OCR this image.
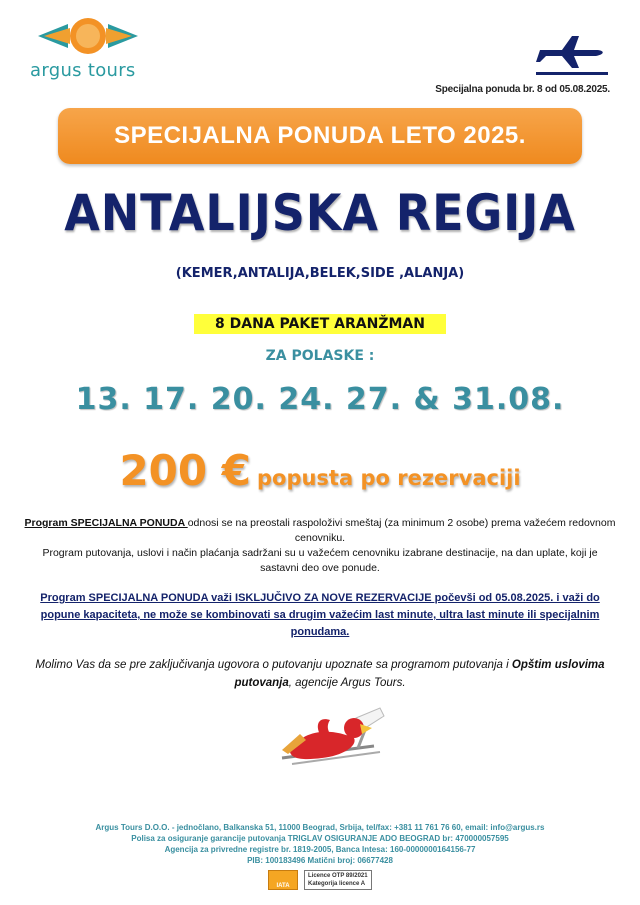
argus tours
Specijalna ponuda br. 8 od 05.08.2025.
SPECIJALNA PONUDA LETO 2025.
ANTALIJSKA REGIJA
(KEMER,ANTALIJA,BELEK,SIDE ,ALANJA)
8 DANA PAKET ARANŽMAN
ZA POLASKE :
13. 17. 20. 24. 27. & 31.08.
200 € popusta po rezervaciji
Program SPECIJALNA PONUDA odnosi se na preostali raspoloživi smeštaj (za minimum 2 osobe) prema važećem redovnom cenovniku.
Program putovanja, uslovi i način plaćanja sadržani su u važećem cenovniku izabrane destinacije, na dan uplate, koji je sastavni deo ove ponude.
Program SPECIJALNA PONUDA važi ISKLJUČIVO ZA NOVE REZERVACIJE počevši od 05.08.2025. i važi do popune kapaciteta, ne može se kombinovati sa drugim važećim last minute, ultra last minute ili specijalnim ponudama.
Molimo Vas da se pre zaključivanja ugovora o putovanju upoznate sa programom putovanja i Opštim uslovima putovanja, agencije Argus Tours.
Argus Tours D.O.O. - jednočlano, Balkanska 51, 11000 Beograd, Srbija, tel/fax: +381 11 761 76 60, email: info@argus.rs
Polisa za osiguranje garancije putovanja TRIGLAV OSIGURANJE ADO BEOGRAD br: 470000057595
Agencija za privredne registre br. 1819-2005, Banca Intesa: 160-0000000164156-77
PIB: 100183496 Matični broj: 06677428
IATA
Licence OTP 89/2021
Kategorija licence A
